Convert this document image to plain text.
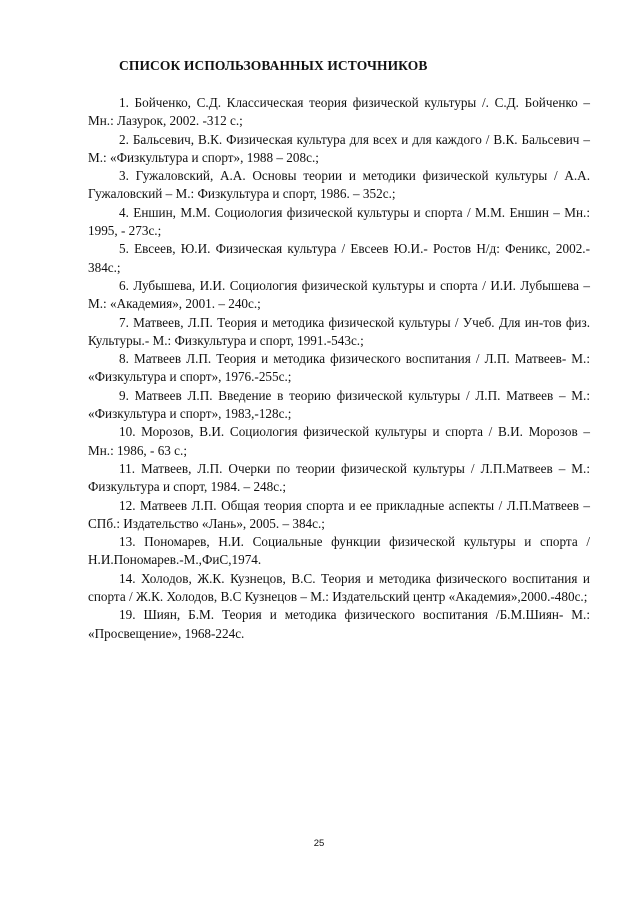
СПИСОК ИСПОЛЬЗОВАННЫХ ИСТОЧНИКОВ
1. Бойченко, С.Д. Классическая теория физической культуры /. С.Д. Бойченко – Мн.: Лазурок, 2002. -312 с.;
2. Бальсевич, В.К. Физическая культура для всех и для каждого / В.К. Бальсевич – М.: «Физкультура и спорт», 1988 – 208с.;
3. Гужаловский, А.А. Основы теории и методики физической культуры / А.А. Гужаловский – М.: Физкультура и спорт, 1986. – 352с.;
4. Еншин, М.М. Социология физической культуры и спорта / М.М. Еншин – Мн.: 1995, - 273с.;
5. Евсеев, Ю.И. Физическая культура / Евсеев Ю.И.- Ростов Н/д: Феникс, 2002.- 384с.;
6. Лубышева, И.И. Социология физической культуры и спорта / И.И. Лубышева – М.: «Академия», 2001. – 240с.;
7. Матвеев, Л.П. Теория и методика физической культуры / Учеб. Для ин-тов физ. Культуры.- М.: Физкультура и спорт, 1991.-543с.;
8. Матвеев Л.П. Теория и методика физического воспитания / Л.П. Матвеев- М.: «Физкультура и спорт», 1976.-255с.;
9. Матвеев Л.П. Введение в теорию физической культуры / Л.П. Матвеев – М.: «Физкультура и спорт», 1983,-128с.;
10. Морозов, В.И. Социология физической культуры и спорта / В.И. Морозов – Мн.: 1986, - 63 с.;
11. Матвеев, Л.П. Очерки по теории физической культуры / Л.П.Матвеев – М.: Физкультура и спорт, 1984. – 248с.;
12. Матвеев Л.П. Общая теория спорта и ее прикладные аспекты / Л.П.Матвеев – СПб.: Издательство «Лань», 2005. – 384с.;
13. Пономарев, Н.И. Социальные функции физической культуры и спорта / Н.И.Пономарев.-М.,ФиС,1974.
14. Холодов, Ж.К. Кузнецов, В.С. Теория и методика физического воспитания и спорта / Ж.К. Холодов, В.С Кузнецов – М.: Издательский центр «Академия»,2000.-480с.;
19. Шиян, Б.М. Теория и методика физического воспитания /Б.М.Шиян- М.: «Просвещение», 1968-224с.
25
